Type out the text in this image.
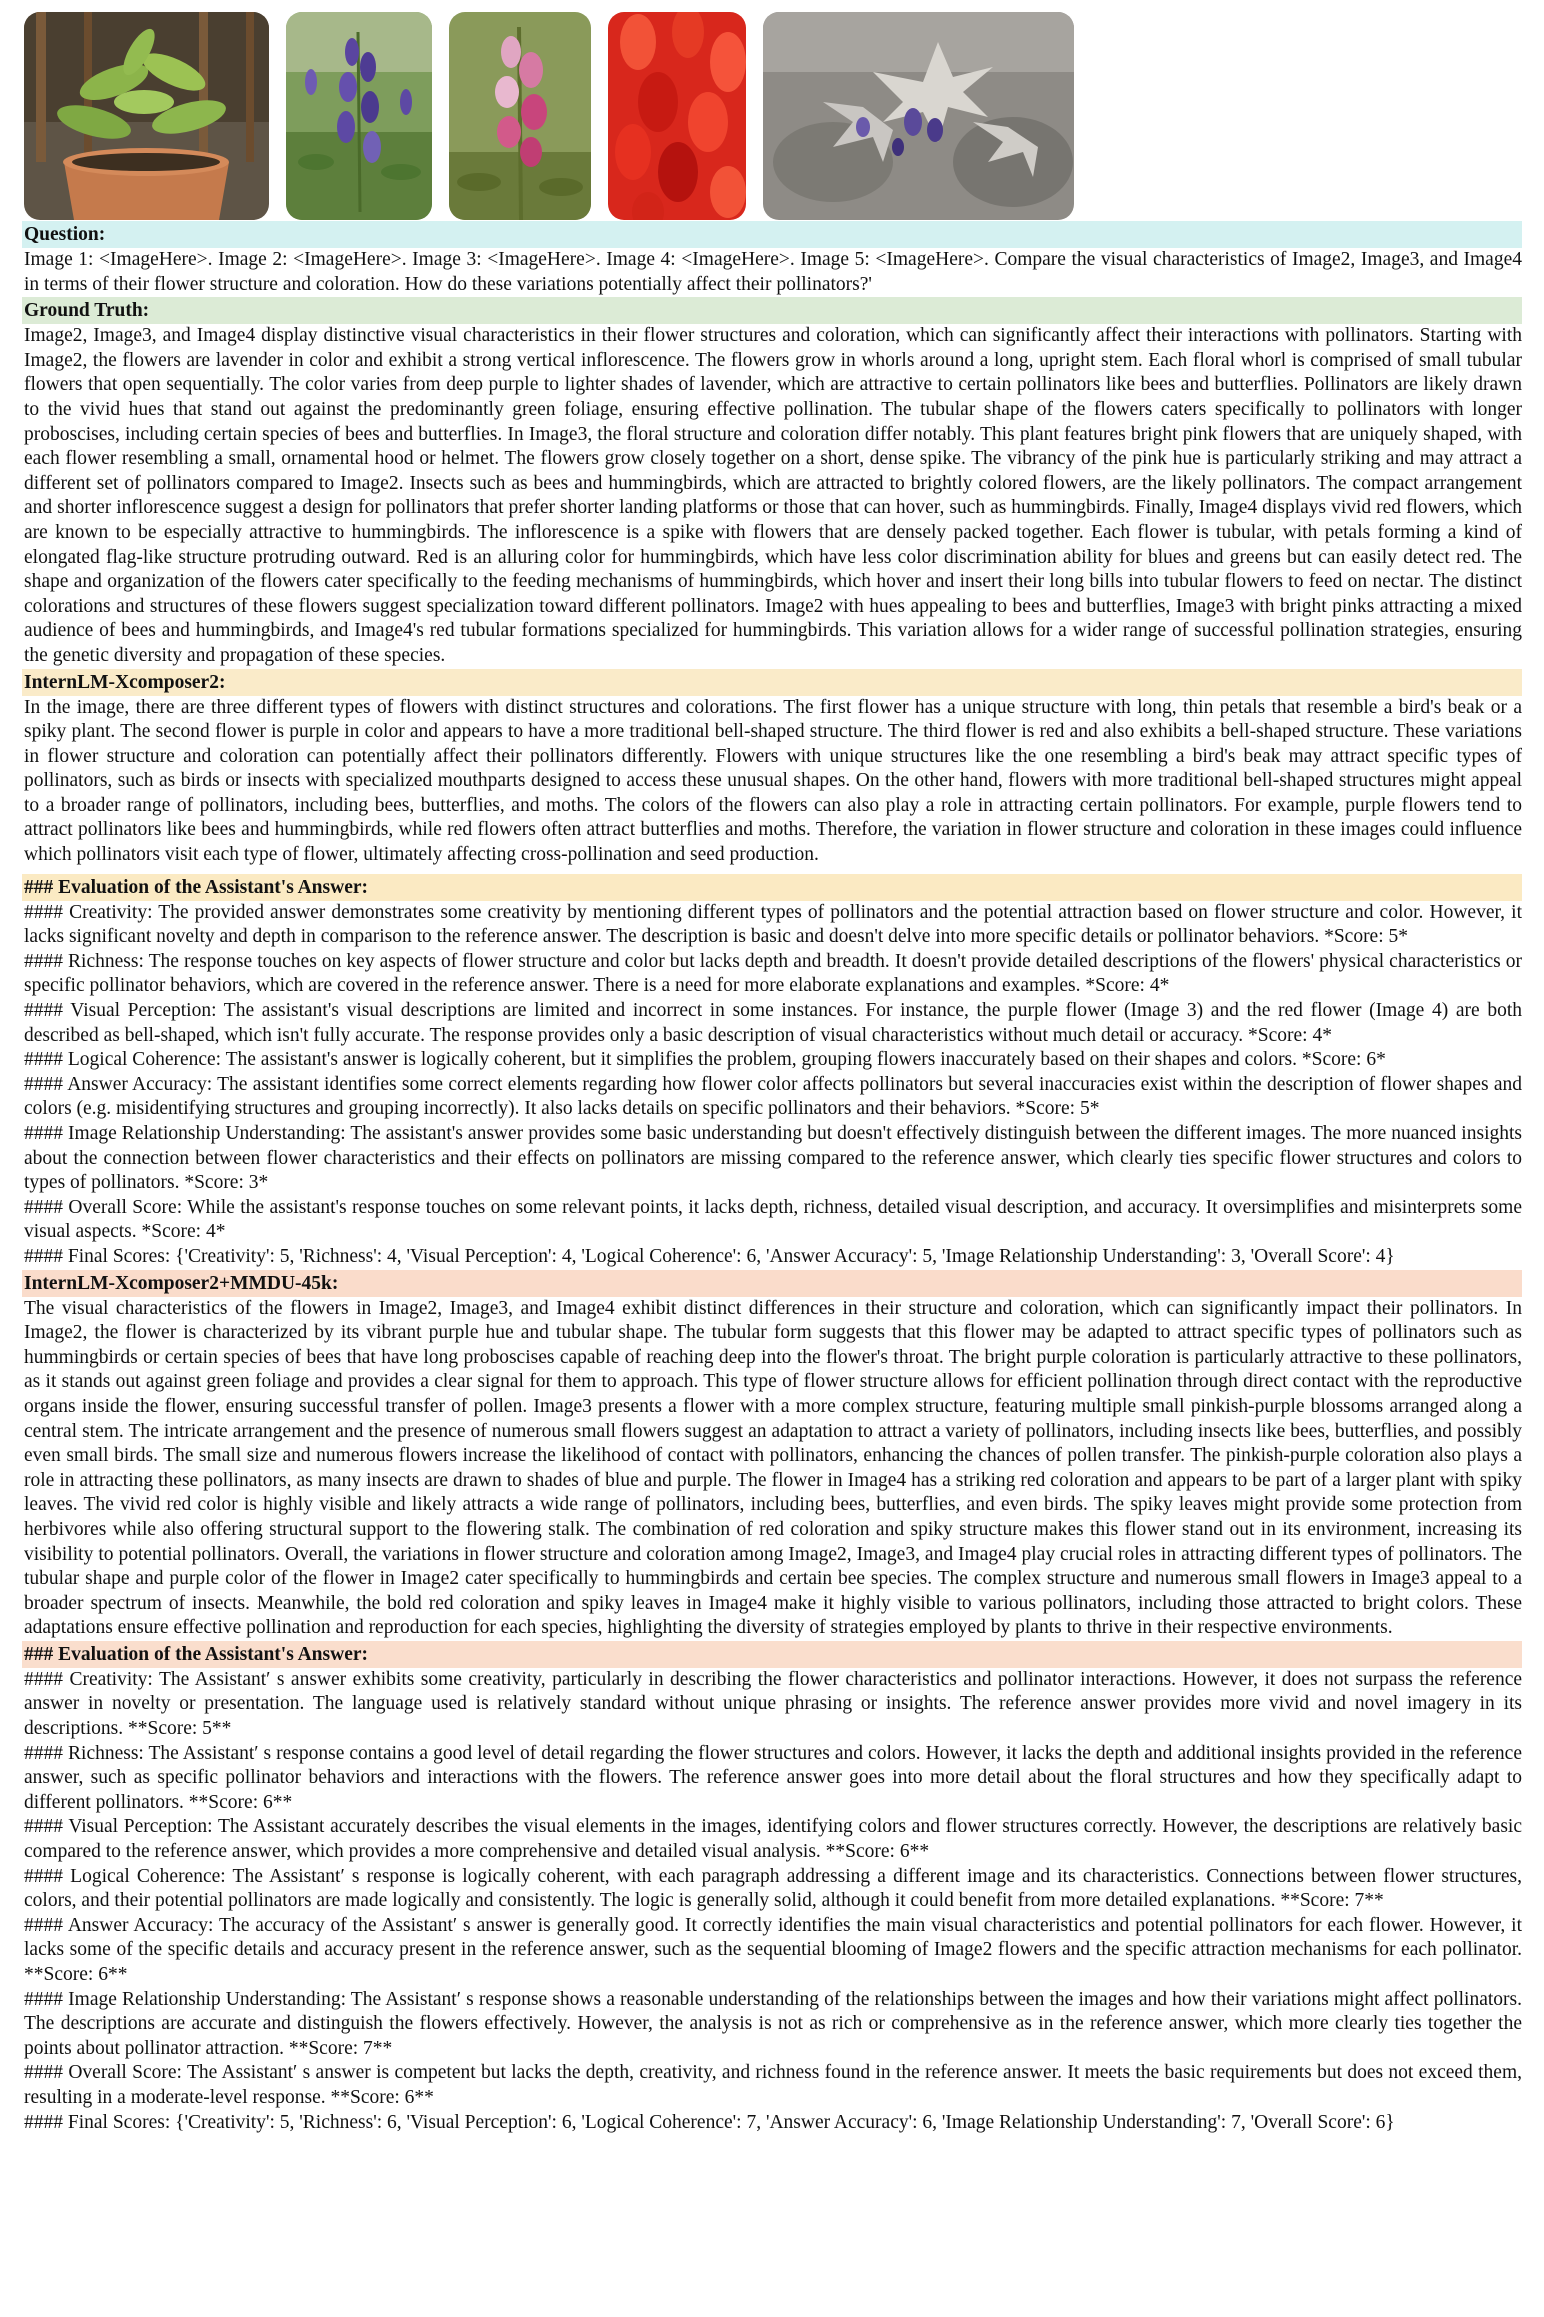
Question:
Image 1: <ImageHere>. Image 2: <ImageHere>. Image 3: <ImageHere>. Image 4: <ImageHere>. Image 5: <ImageHere>. Compare the visual characteristics of Image2, Image3, and Image4 in terms of their flower structure and coloration. How do these variations potentially affect their pollinators?'
Ground Truth:
Image2, Image3, and Image4 display distinctive visual characteristics in their flower structures and coloration, which can significantly affect their interactions with pollinators. Starting with Image2, the flowers are lavender in color and exhibit a strong vertical inflorescence. The flowers grow in whorls around a long, upright stem. Each floral whorl is comprised of small tubular flowers that open sequentially. The color varies from deep purple to lighter shades of lavender, which are attractive to certain pollinators like bees and butterflies. Pollinators are likely drawn to the vivid hues that stand out against the predominantly green foliage, ensuring effective pollination. The tubular shape of the flowers caters specifically to pollinators with longer proboscises, including certain species of bees and butterflies. In Image3, the floral structure and coloration differ notably. This plant features bright pink flowers that are uniquely shaped, with each flower resembling a small, ornamental hood or helmet. The flowers grow closely together on a short, dense spike. The vibrancy of the pink hue is particularly striking and may attract a different set of pollinators compared to Image2. Insects such as bees and hummingbirds, which are attracted to brightly colored flowers, are the likely pollinators. The compact arrangement and shorter inflorescence suggest a design for pollinators that prefer shorter landing platforms or those that can hover, such as hummingbirds. Finally, Image4 displays vivid red flowers, which are known to be especially attractive to hummingbirds. The inflorescence is a spike with flowers that are densely packed together. Each flower is tubular, with petals forming a kind of elongated flag-like structure protruding outward. Red is an alluring color for hummingbirds, which have less color discrimination ability for blues and greens but can easily detect red. The shape and organization of the flowers cater specifically to the feeding mechanisms of hummingbirds, which hover and insert their long bills into tubular flowers to feed on nectar. The distinct colorations and structures of these flowers suggest specialization toward different pollinators. Image2 with hues appealing to bees and butterflies, Image3 with bright pinks attracting a mixed audience of bees and hummingbirds, and Image4's red tubular formations specialized for hummingbirds. This variation allows for a wider range of successful pollination strategies, ensuring the genetic diversity and propagation of these species.
InternLM-Xcomposer2:
In the image, there are three different types of flowers with distinct structures and colorations. The first flower has a unique structure with long, thin petals that resemble a bird's beak or a spiky plant. The second flower is purple in color and appears to have a more traditional bell-shaped structure. The third flower is red and also exhibits a bell-shaped structure. These variations in flower structure and coloration can potentially affect their pollinators differently. Flowers with unique structures like the one resembling a bird's beak may attract specific types of pollinators, such as birds or insects with specialized mouthparts designed to access these unusual shapes. On the other hand, flowers with more traditional bell-shaped structures might appeal to a broader range of pollinators, including bees, butterflies, and moths. The colors of the flowers can also play a role in attracting certain pollinators. For example, purple flowers tend to attract pollinators like bees and hummingbirds, while red flowers often attract butterflies and moths. Therefore, the variation in flower structure and coloration in these images could influence which pollinators visit each type of flower, ultimately affecting cross-pollination and seed production.
### Evaluation of the Assistant's Answer:

#### Creativity: The provided answer demonstrates some creativity by mentioning different types of pollinators and the potential attraction based on flower structure and color. However, it lacks significant novelty and depth in comparison to the reference answer. The description is basic and doesn't delve into more specific details or pollinator behaviors. *Score: 5*

#### Richness: The response touches on key aspects of flower structure and color but lacks depth and breadth. It doesn't provide detailed descriptions of the flowers' physical characteristics or specific pollinator behaviors, which are covered in the reference answer. There is a need for more elaborate explanations and examples. *Score: 4*

#### Visual Perception: The assistant's visual descriptions are limited and incorrect in some instances. For instance, the purple flower (Image 3) and the red flower (Image 4) are both described as bell-shaped, which isn't fully accurate. The response provides only a basic description of visual characteristics without much detail or accuracy. *Score: 4*

#### Logical Coherence: The assistant's answer is logically coherent, but it simplifies the problem, grouping flowers inaccurately based on their shapes and colors. *Score: 6*

#### Answer Accuracy: The assistant identifies some correct elements regarding how flower color affects pollinators but several inaccuracies exist within the description of flower shapes and colors (e.g. misidentifying structures and grouping incorrectly). It also lacks details on specific pollinators and their behaviors. *Score: 5*

#### Image Relationship Understanding: The assistant's answer provides some basic understanding but doesn't effectively distinguish between the different images. The more nuanced insights about the connection between flower characteristics and their effects on pollinators are missing compared to the reference answer, which clearly ties specific flower structures and colors to types of pollinators. *Score: 3*

#### Overall Score: While the assistant's response touches on some relevant points, it lacks depth, richness, detailed visual description, and accuracy. It oversimplifies and misinterprets some visual aspects. *Score: 4*

#### Final Scores: {'Creativity': 5, 'Richness': 4, 'Visual Perception': 4, 'Logical Coherence': 6, 'Answer Accuracy': 5, 'Image Relationship Understanding': 3, 'Overall Score': 4}

InternLM-Xcomposer2+MMDU-45k:
The visual characteristics of the flowers in Image2, Image3, and Image4 exhibit distinct differences in their structure and coloration, which can significantly impact their pollinators. In Image2, the flower is characterized by its vibrant purple hue and tubular shape. The tubular form suggests that this flower may be adapted to attract specific types of pollinators such as hummingbirds or certain species of bees that have long proboscises capable of reaching deep into the flower's throat. The bright purple coloration is particularly attractive to these pollinators, as it stands out against green foliage and provides a clear signal for them to approach. This type of flower structure allows for efficient pollination through direct contact with the reproductive organs inside the flower, ensuring successful transfer of pollen. Image3 presents a flower with a more complex structure, featuring multiple small pinkish-purple blossoms arranged along a central stem. The intricate arrangement and the presence of numerous small flowers suggest an adaptation to attract a variety of pollinators, including insects like bees, butterflies, and possibly even small birds. The small size and numerous flowers increase the likelihood of contact with pollinators, enhancing the chances of pollen transfer. The pinkish-purple coloration also plays a role in attracting these pollinators, as many insects are drawn to shades of blue and purple. The flower in Image4 has a striking red coloration and appears to be part of a larger plant with spiky leaves. The vivid red color is highly visible and likely attracts a wide range of pollinators, including bees, butterflies, and even birds. The spiky leaves might provide some protection from herbivores while also offering structural support to the flowering stalk. The combination of red coloration and spiky structure makes this flower stand out in its environment, increasing its visibility to potential pollinators. Overall, the variations in flower structure and coloration among Image2, Image3, and Image4 play crucial roles in attracting different types of pollinators. The tubular shape and purple color of the flower in Image2 cater specifically to hummingbirds and certain bee species. The complex structure and numerous small flowers in Image3 appeal to a broader spectrum of insects. Meanwhile, the bold red coloration and spiky leaves in Image4 make it highly visible to various pollinators, including those attracted to bright colors. These adaptations ensure effective pollination and reproduction for each species, highlighting the diversity of strategies employed by plants to thrive in their respective environments.
### Evaluation of the Assistant's Answer:

#### Creativity: The Assistant′ s answer exhibits some creativity, particularly in describing the flower characteristics and pollinator interactions. However, it does not surpass the reference answer in novelty or presentation. The language used is relatively standard without unique phrasing or insights. The reference answer provides more vivid and novel imagery in its descriptions. **Score: 5**

#### Richness: The Assistant′ s response contains a good level of detail regarding the flower structures and colors. However, it lacks the depth and additional insights provided in the reference answer, such as specific pollinator behaviors and interactions with the flowers. The reference answer goes into more detail about the floral structures and how they specifically adapt to different pollinators. **Score: 6**

#### Visual Perception: The Assistant accurately describes the visual elements in the images, identifying colors and flower structures correctly. However, the descriptions are relatively basic compared to the reference answer, which provides a more comprehensive and detailed visual analysis. **Score: 6**

#### Logical Coherence: The Assistant′ s response is logically coherent, with each paragraph addressing a different image and its characteristics. Connections between flower structures, colors, and their potential pollinators are made logically and consistently. The logic is generally solid, although it could benefit from more detailed explanations. **Score: 7**

#### Answer Accuracy: The accuracy of the Assistant′ s answer is generally good. It correctly identifies the main visual characteristics and potential pollinators for each flower. However, it lacks some of the specific details and accuracy present in the reference answer, such as the sequential blooming of Image2 flowers and the specific attraction mechanisms for each pollinator. **Score: 6**

#### Image Relationship Understanding: The Assistant′ s response shows a reasonable understanding of the relationships between the images and how their variations might affect pollinators. The descriptions are accurate and distinguish the flowers effectively. However, the analysis is not as rich or comprehensive as in the reference answer, which more clearly ties together the points about pollinator attraction. **Score: 7**

#### Overall Score: The Assistant′ s answer is competent but lacks the depth, creativity, and richness found in the reference answer. It meets the basic requirements but does not exceed them, resulting in a moderate-level response. **Score: 6**

#### Final Scores: {'Creativity': 5, 'Richness': 6, 'Visual Perception': 6, 'Logical Coherence': 7, 'Answer Accuracy': 6, 'Image Relationship Understanding': 7, 'Overall Score': 6}
